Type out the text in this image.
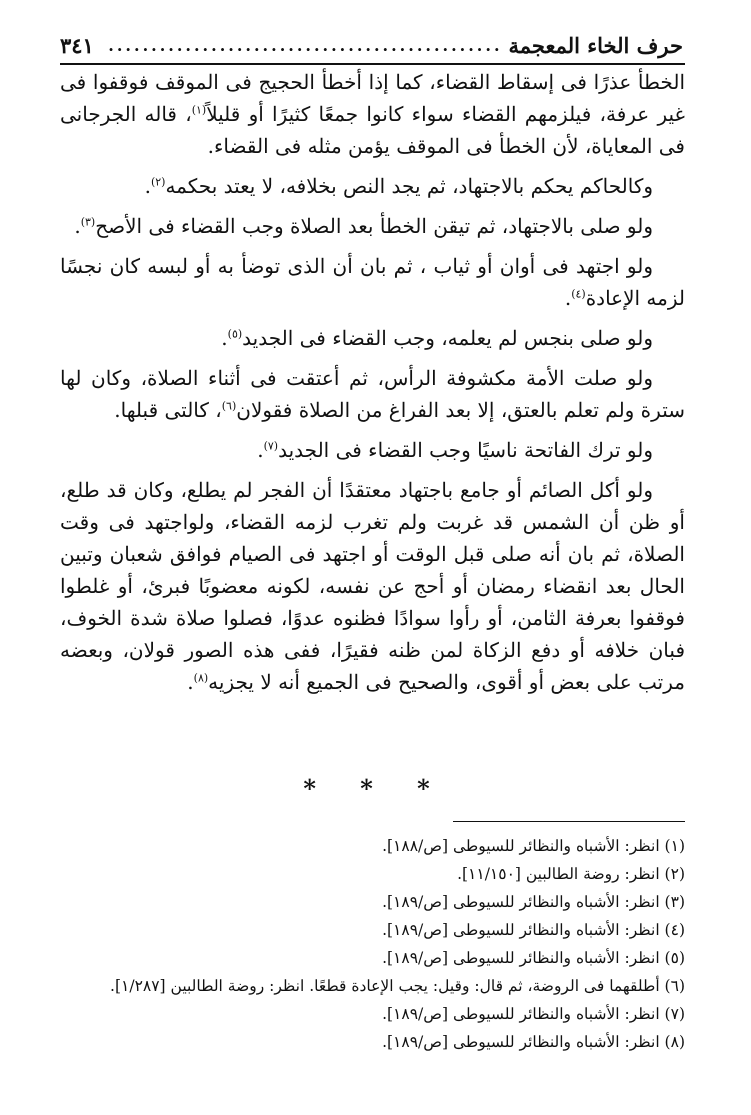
حرف الخاء المعجمة
..............................................
٣٤١

الخطأ عذرًا فى إسقاط القضاء، كما إذا أخطأ الحجيج فى الموقف فوقفوا فى غير عرفة، فيلزمهم القضاء سواء كانوا جمعًا كثيرًا أو قليلاً$^{(١)}$، قاله الجرجانى فى المعاياة، لأن الخطأ فى الموقف يؤمن مثله فى القضاء.

وكالحاكم يحكم بالاجتهاد، ثم يجد النص بخلافه، لا يعتد بحكمه$^{(٢)}$.

ولو صلى بالاجتهاد، ثم تيقن الخطأ بعد الصلاة وجب القضاء فى الأصح$^{(٣)}$.

ولو اجتهد فى أوان أو ثياب ، ثم بان أن الذى توضأ به أو لبسه كان نجسًا لزمه الإعادة$^{(٤)}$.

ولو صلى بنجس لم يعلمه، وجب القضاء فى الجديد$^{(٥)}$.

ولو صلت الأمة مكشوفة الرأس، ثم أعتقت فى أثناء الصلاة، وكان لها سترة ولم تعلم بالعتق، إلا بعد الفراغ من الصلاة فقولان$^{(٦)}$، كالتى قبلها.

ولو ترك الفاتحة ناسيًا وجب القضاء فى الجديد$^{(٧)}$.

ولو أكل الصائم أو جامع باجتهاد معتقدًا أن الفجر لم يطلع، وكان قد طلع، أو ظن أن الشمس قد غربت ولم تغرب لزمه القضاء، ولواجتهد فى وقت الصلاة، ثم بان أنه صلى قبل الوقت أو اجتهد فى الصيام فوافق شعبان وتبين الحال بعد انقضاء رمضان أو أحج عن نفسه، لكونه معضوبًا فبرئ، أو غلطوا فوقفوا بعرفة الثامن، أو رأوا سوادًا فظنوه عدوًا، فصلوا صلاة شدة الخوف، فبان خلافه أو دفع الزكاة لمن ظنه فقيرًا، ففى هذه الصور قولان، وبعضه مرتب على بعض أو أقوى، والصحيح فى الجميع أنه لا يجزيه$^{(٨)}$.

* * *
(١) انظر: الأشباه والنظائر للسيوطى [ص/١٨٨].
(٢) انظر: روضة الطالبين [١١/١٥٠].
(٣) انظر: الأشباه والنظائر للسيوطى [ص/١٨٩].
(٤) انظر: الأشباه والنظائر للسيوطى [ص/١٨٩].
(٥) انظر: الأشباه والنظائر للسيوطى [ص/١٨٩].
(٦) أطلقهما فى الروضة، ثم قال: وقيل: يجب الإعادة قطعًا. انظر: روضة الطالبين [١/٢٨٧].
(٧) انظر: الأشباه والنظائر للسيوطى [ص/١٨٩].
(٨) انظر: الأشباه والنظائر للسيوطى [ص/١٨٩].
